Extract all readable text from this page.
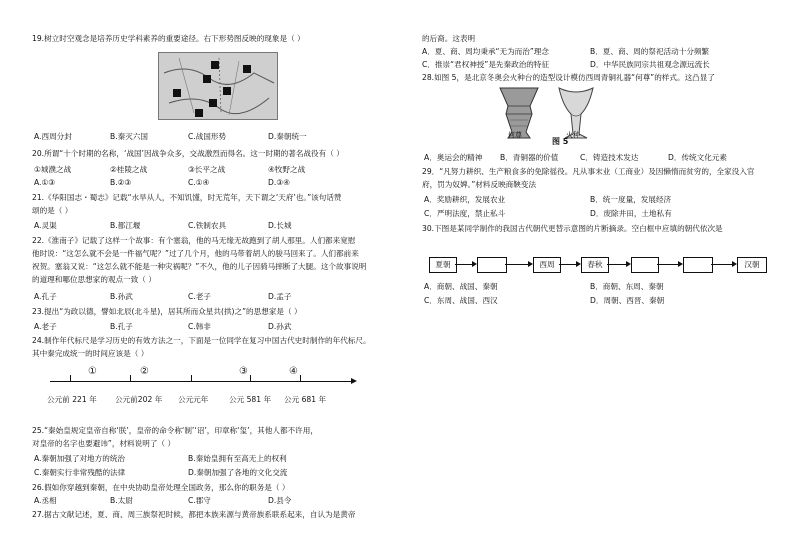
19.树立时空观念是培养历史学科素养的重要途径。右下形势图反映的现象是（ ）
A.西周分封	B.秦灭六国	C.战国形势	D.秦朝统一
20.所谓“十个时期的名称，‘战国’因战争众多，交战激烈而得名。这一时期的著名战役有（ ）
①城濮之战	②桂陵之战	③长平之战	④牧野之战
A.①③	B.②③	C.①④	D.③④
21.《华阳国志・蜀志》记载“水旱从人，不知饥馑，时无荒年，天下谓之‘天府’也。”该句话赞
颂的是（ ）
A.灵渠	B.都江堰	C.铁制农具	D.长城
22.《淮南子》记载了这样一个故事：有个塞翁，他的马无缘无故跑到了胡人那里。人们都来宽慰
他时说：“这怎么就不会是一件福气呢？”过了几个月，他的马带着胡人的骏马回来了。人们都前来
祝贺。塞翁又说：“这怎么就不能是一种灾祸呢？”不久，他的儿子因骑马摔断了大腿。这个故事说明
的道理和哪位思想家的观点一致（ ）
A.孔子	B.孙武	C.老子	D.孟子
23.提出“为政以德，譬如北辰(北斗星)，居其所而众星共(拱)之”的思想家是（ ）
A.老子	B.孔子	C.韩非	D.孙武
24.制作年代标尺是学习历史的有效方法之一，下面是一位同学在复习中国古代史时制作的年代标尺。
其中秦完成统一的时间应该是（ ）
①	②	③	④
公元前 221 年 公元前202 年 公元元年	公元 581 年 公元 681 年
25.“秦始皇规定皇帝自称‘朕’，皇帝的命令称‘制’‘诏’，印章称‘玺’，其他人都不许用，
对皇帝的名字也要避讳”，材料说明了（ ）
A.秦朝加强了对地方的统治	B.秦始皇拥有至高无上的权利
C.秦朝实行非常残酷的法律	D.秦朝加强了各地的文化交流
26.假如你穿越到秦朝，在中央协助皇帝处理全国政务，那么你的职务是（ ）
A.丞相	B.太尉	C.郡守	D.县令
27.据古文献记述，夏、商、周三族祭祀时候，都把本族来源与黄帝族系联系起来，自认为是黄帝
的后裔。这表明
A．夏、商、周均秉承“无为而治”理念	B．夏、商、周的祭祀活动十分频繁
C．推崇“君权神授”是先秦政治的特征	D．中华民族同宗共祖观念源远流长
28.如图 5，是北京冬奥会火种台的造型设计模仿西周青铜礼器“何尊”的样式。这凸显了
何尊	火种
图 5
A．奥运会的精神 B．青铜器的价值	C．铸造技术发达	D．传统文化元素
29．“凡努力耕织、生产粮食多的免除徭役。凡从事末业（工商业）及因懒惰而贫穷的，全家没入官
府，罚为奴婢。”材料反映商鞅变法
A．奖励耕织，发展农业	B．统一度量，发展经济
C．严明法度，禁止私斗	D．废除井田，土地私有
30.下图是某同学制作的我国古代朝代更替示意图的片断摘录。空白框中应填的朝代依次是
夏朝	西周	春秋	汉朝
A．商朝、战国、秦朝	B．商朝、东周、秦朝
C．东周、战国、西汉	D．周朝、西晋、秦朝
